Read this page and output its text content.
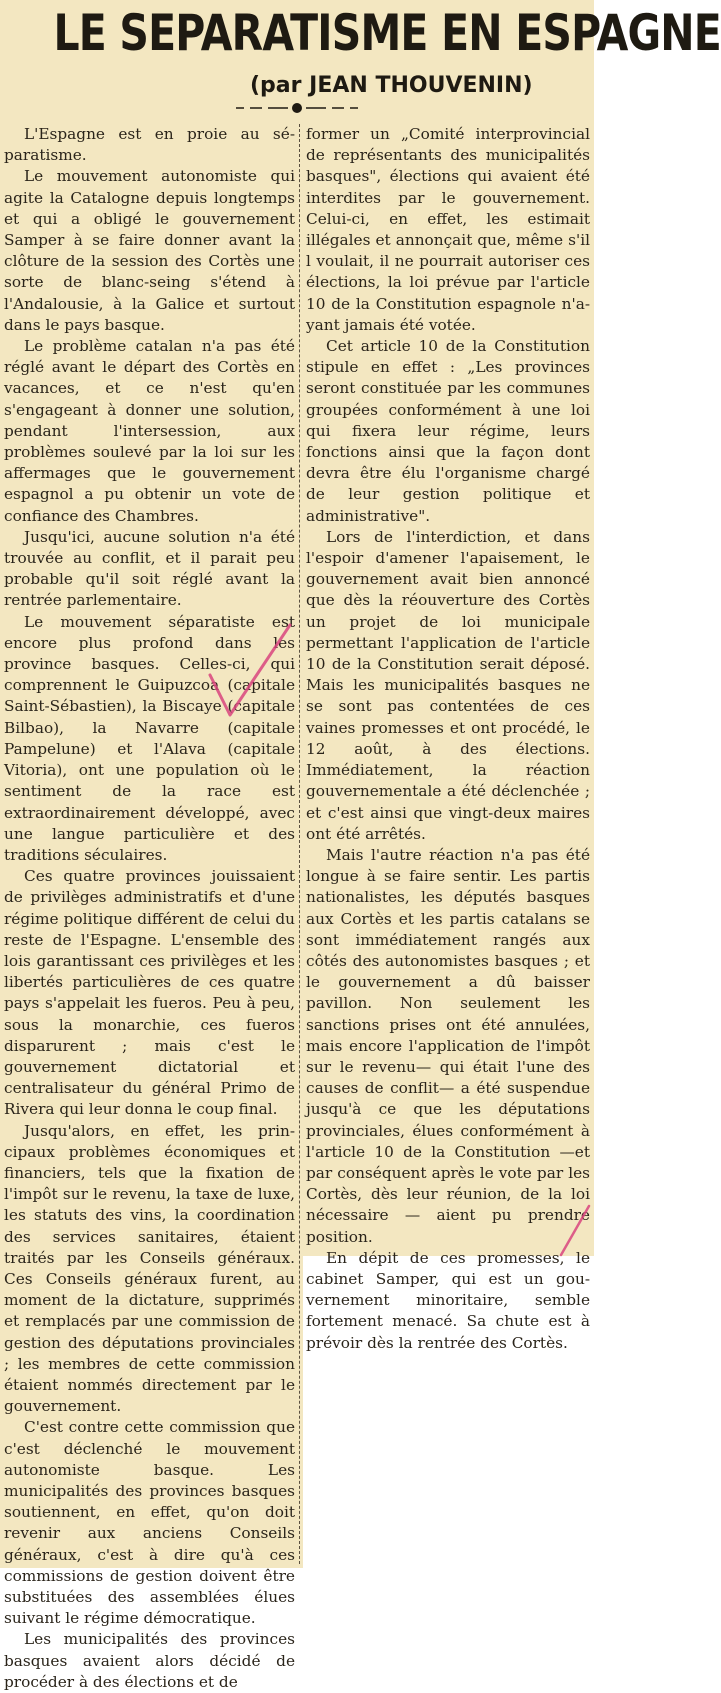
LE SEPARATISME EN ESPAGNE
(par JEAN THOUVENIN)

L'Espagne est en proie au séparatisme.

Le mouvement autonomiste qui agite la Catalogne depuis longtemps et qui a obligé le gouvernement Samper à se faire donner avant la clôture de la session des Cortès une sorte de blanc-seing s'étend à l'Andalousie, à la Galice et surtout dans le pays basque.

Le problème catalan n'a pas été réglé avant le départ des Cortès en vacances, et ce n'est qu'en s'engageant à donner une solution, pendant l'intersession, aux problèmes soulevé par la loi sur les affermages que le gouvernement espagnol a pu obtenir un vote de confiance des Chambres.

Jusqu'ici, aucune solution n'a été trouvée au conflit, et il parait peu probable qu'il soit réglé avant la rentrée parlementaire.

Le mouvement séparatiste est encore plus profond dans les province basques. Celles-ci, qui comprennent le Guipuzcoa (capitale Saint-Sébastien), la Biscaye (capitale Bilbao), la Navarre (capitale Pampelune) et l'Alava (capitale Vitoria), ont une population où le sentiment de la race est extraordinairement développé, avec une langue particulière et des traditions séculaires.

Ces quatre provinces jouissaient de privilèges administratifs et d'une régime politique différent de celui du reste de l'Espagne. L'ensemble des lois garantissant ces privilèges et les libertés particulières de ces quatre pays s'appelait les fueros. Peu à peu, sous la monarchie, ces fueros disparurent ; mais c'est le gouvernement dictatorial et centralisateur du général Primo de Rivera qui leur donna le coup final.

Jusqu'alors, en effet, les principaux problèmes économiques et financiers, tels que la fixation de l'impôt sur le revenu, la taxe de luxe, les statuts des vins, la coordination des services sanitaires, étaient traités par les Conseils généraux. Ces Conseils généraux furent, au moment de la dictature, supprimés et remplacés par une commission de gestion des députations provinciales ; les membres de cette commission étaient nommés directement par le gouvernement.

C'est contre cette commission que c'est déclenché le mouvement autonomiste basque. Les municipalités des provinces basques soutiennent, en effet, qu'on doit revenir aux anciens Conseils généraux, c'est à dire qu'à ces commissions de gestion doivent être substituées des assemblées élues suivant le régime démocratique.

Les municipalités des provinces basques avaient alors décidé de procéder à des élections et de

former un „Comité interprovincial de représentants des municipalités basques", élections qui avaient été interdites par le gouvernement. Celui-ci, en effet, les estimait illégales et annonçait que, même s'il l voulait, il ne pourrait autoriser ces élections, la loi prévue par l'article 10 de la Constitution espagnole n'ayant jamais été votée.

Cet article 10 de la Constitution stipule en effet : „Les provinces seront constituée par les communes groupées conformément à une loi qui fixera leur régime, leurs fonctions ainsi que la façon dont devra être élu l'organisme chargé de leur gestion politique et administrative".

Lors de l'interdiction, et dans l'espoir d'amener l'apaisement, le gouvernement avait bien annoncé que dès la réouverture des Cortès un projet de loi municipale permettant l'application de l'article 10 de la Constitution serait déposé. Mais les municipalités basques ne se sont pas contentées de ces vaines promesses et ont procédé, le 12 août, à des élections. Immédiatement, la réaction gouvernementale a été déclenchée ; et c'est ainsi que vingt-deux maires ont été arrêtés.

Mais l'autre réaction n'a pas été longue à se faire sentir. Les partis nationalistes, les députés basques aux Cortès et les partis catalans se sont immédiatement rangés aux côtés des autonomistes basques ; et le gouvernement a dû baisser pavillon. Non seulement les sanctions prises ont été annulées, mais encore l'application de l'impôt sur le revenu— qui était l'une des causes de conflit— a été suspendue jusqu'à ce que les députations provinciales, élues conformément à l'article 10 de la Constitution —et par conséquent après le vote par les Cortès, dès leur réunion, de la loi nécessaire — aient pu prendre position.

En dépit de ces promesses, le cabinet Samper, qui est un gouvernement minoritaire, semble fortement menacé. Sa chute est à prévoir dès la rentrée des Cortès.
